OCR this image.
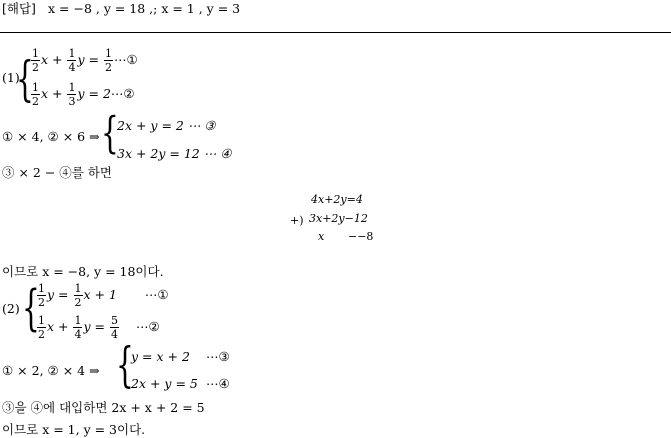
[해답] x = −8 , y = 18 ,; x = 1 , y = 3
(1)
{
$\frac{1}{2}$ $x + \frac{1}{4}$ $y = \frac{1}{2}$ ⋯①
$\frac{1}{2}$ $x + \frac{1}{3}$ y = 2⋯②
① × 4, ② × 6 ⇒ {
2x + y = 2 ⋯ ③
3x + 2y = 12 ⋯ ④
③ × 2 − ④를 하면
4x+2y=4
+) 3x+2y−12
x −−8
이므로 x = −8, y = 18이다.
(2) {
$\frac{1}{2}$ $y = \frac{1}{2}$ x + 1 ⋯①
$\frac{1}{2}$ $x + \frac{1}{4}$ $y = \frac{5}{4}$ ⋯②
① × 2, ② × 4 ⇒ {
y = x + 2 ⋯③
2x + y = 5 ⋯④
③을 ④에 대입하면 2x + x + 2 = 5
이므로 x = 1, y = 3이다.
